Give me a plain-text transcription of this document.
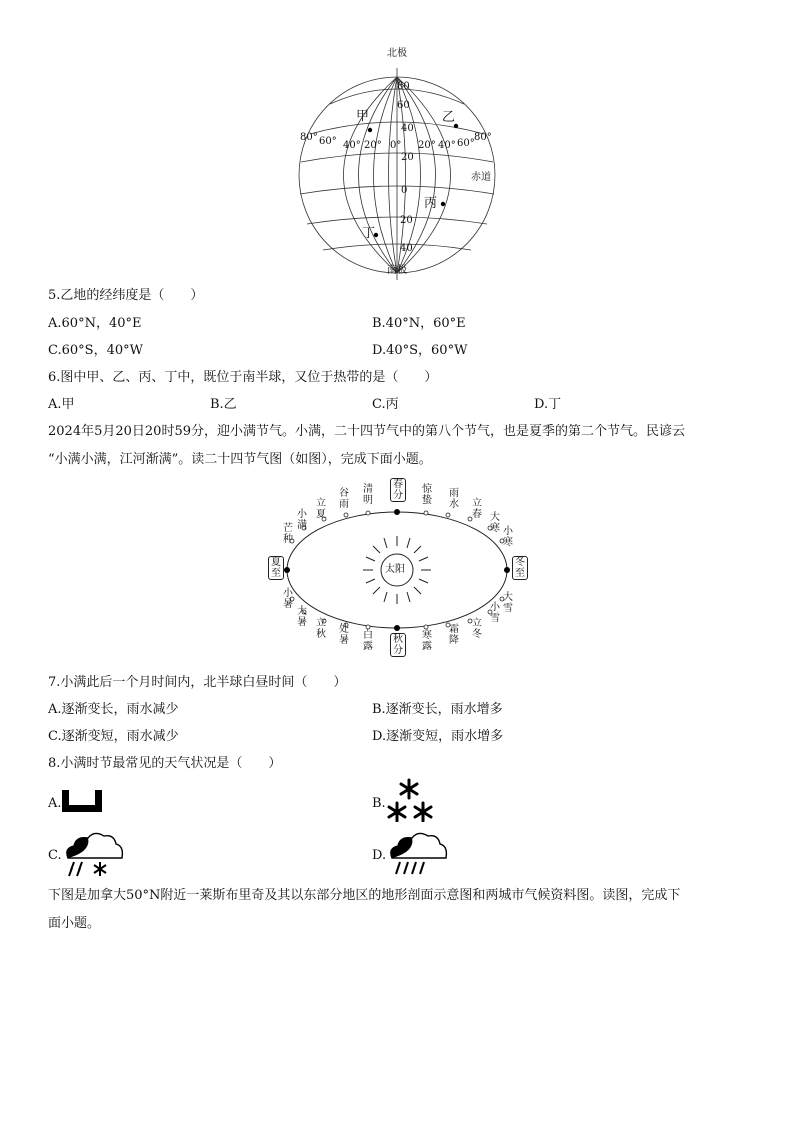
北极
南极
赤道
80
60
40
20
0
20
40
80° 60° 40° 20° 0° 20° 40° 60°
80°
甲	乙
丙
丁
5.乙地的经纬度是（　　）
A.60°N，40°E	B.40°N，60°E
C.60°S，40°W	D.40°S，60°W
6.图中甲、乙、丙、丁中，既位于南半球，又位于热带的是（　　）
A.甲	B.乙	C.丙	D.丁
2024年5月20日20时59分，迎小满节气。小满，二十四节气中的第八个节气，也是夏季的第二个节气。民谚云
“小满小满，江河渐满”。读二十四节气图（如图），完成下面小题。
太阳
立夏
谷雨
清明
春分
惊蛰
雨水 立春
小满
芒种
大寒 小寒
夏至
冬至
小暑
大暑
大雪
小雪
立秋 处暑 白露
秋分
寒露
霜降
立冬
7.小满此后一个月时间内，北半球白昼时间（　　）
A.逐渐变长，雨水减少	B.逐渐变长，雨水增多
C.逐渐变短，雨水减少	D.逐渐变短，雨水增多
8.小满时节最常见的天气状况是（　　）
A.	B.
C.	D.
下图是加拿大50°N附近一莱斯布里奇及其以东部分地区的地形剖面示意图和两城市气候资料图。读图，完成下
面小题。
